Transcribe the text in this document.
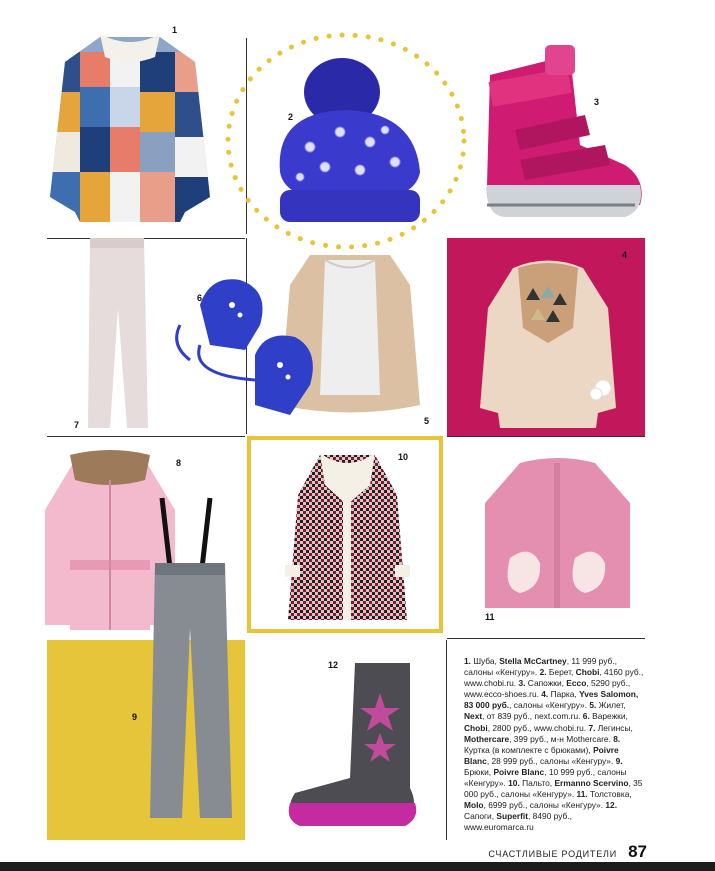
1
2
3
4
5
6
7
8
9
10
11
12	1. Шуба, Stella McCartney, 11 999 руб., салоны «Кенгуру». 2. Берет, Chobi, 4160 руб., www.chobi.ru. 3. Сапожки, Ecco, 5290 руб., www.ecco-shoes.ru. 4. Парка, Yves Salomon, 83 000 руб., салоны «Кенгуру». 5. Жилет, Next, от 839 руб., next.com.ru. 6. Варежки, Chobi, 2800 руб., www.chobi.ru. 7. Легинсы, Mothercare, 399 руб., м-н Mothercare. 8. Куртка (в комплекте с брюками), Poivre Blanc, 28 999 руб., салоны «Кенгуру». 9. Брюки, Poivre Blanc, 10 999 руб., салоны «Кенгуру». 10. Пальто, Ermanno Scervino, 35 000 руб., салоны «Кенгуру». 11. Толстовка, Molo, 6999 руб., салоны «Кенгуру». 12. Сапоги, Superfit, 8490 руб., www.euromarca.ru
СЧАСТЛИВЫЕ РОДИТЕЛИ 87
